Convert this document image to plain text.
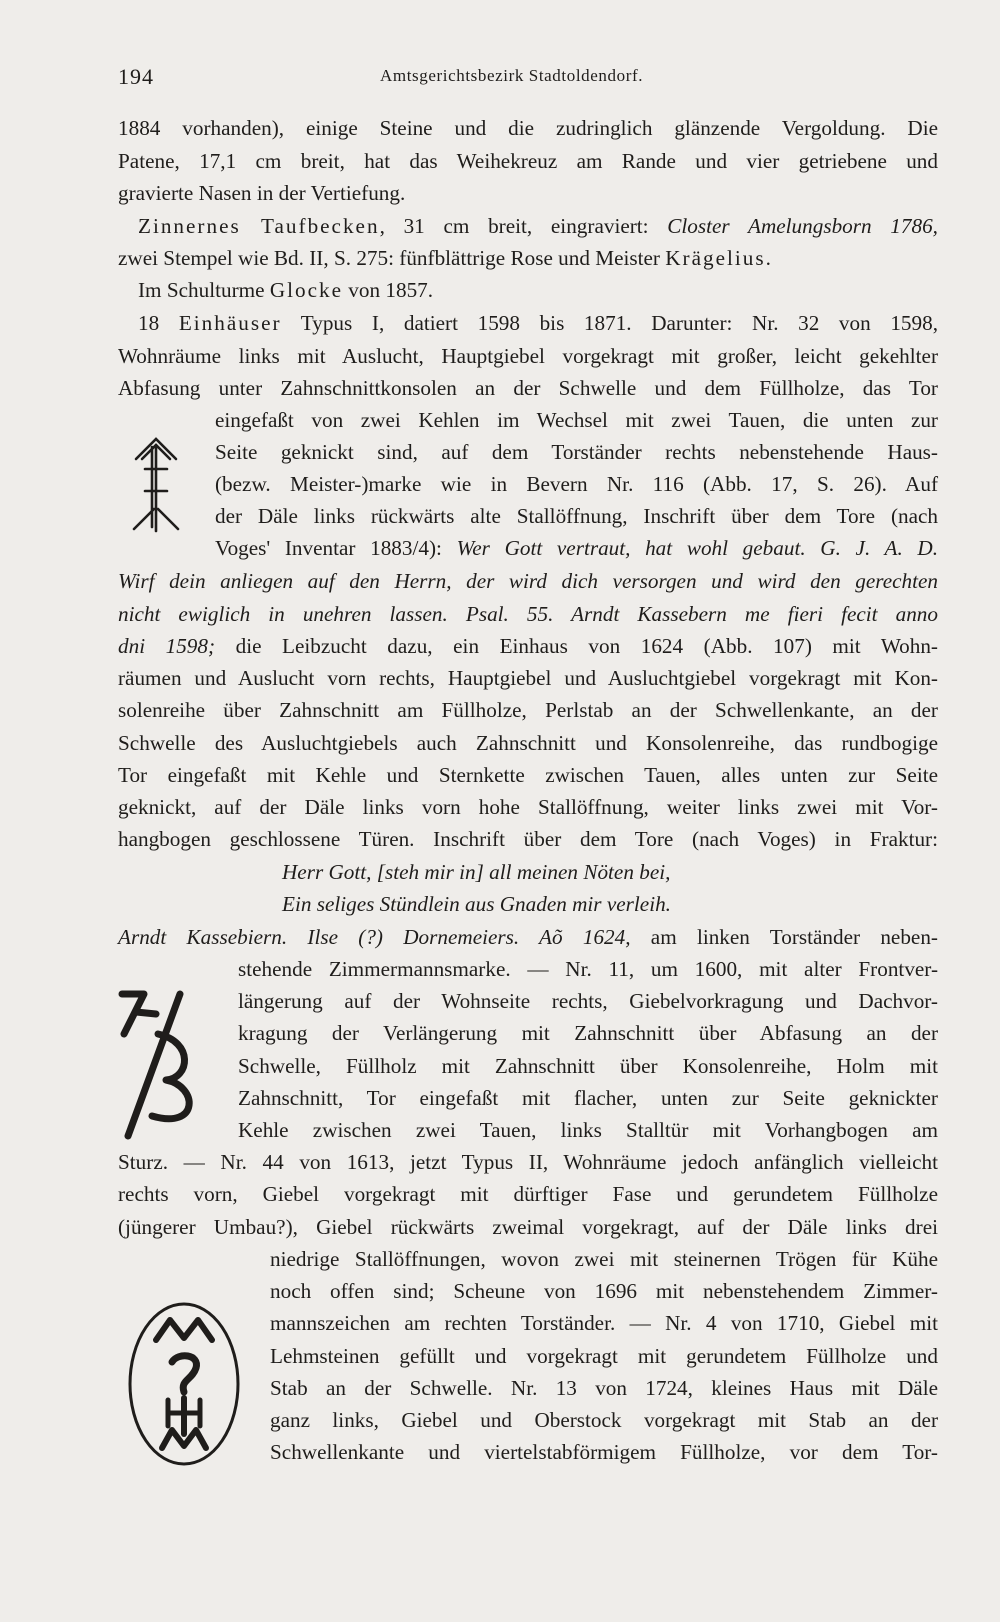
194	Amtsgerichtsbezirk Stadtoldendorf.
1884 vorhanden), einige Steine und die zudringlich glänzende Vergoldung. Die
Patene, 17,1 cm breit, hat das Weihekreuz am Rande und vier getriebene und
gravierte Nasen in der Vertiefung.
Zinnernes Taufbecken, 31 cm breit, eingraviert: Closter Amelungsborn 1786,
zwei Stempel wie Bd. II, S. 275: fünfblättrige Rose und Meister Krägelius.
Im Schulturme Glocke von 1857.
18 Einhäuser Typus I, datiert 1598 bis 1871. Darunter: Nr. 32 von 1598,
Wohnräume links mit Auslucht, Hauptgiebel vorgekragt mit großer, leicht gekehlter
Abfasung unter Zahnschnittkonsolen an der Schwelle und dem Füllholze, das Tor
eingefaßt von zwei Kehlen im Wechsel mit zwei Tauen, die unten zur
Seite geknickt sind, auf dem Torständer rechts nebenstehende Haus-
(bezw. Meister-)marke wie in Bevern Nr. 116 (Abb. 17, S. 26). Auf
der Däle links rückwärts alte Stallöffnung, Inschrift über dem Tore (nach
Voges' Inventar 1883/4): Wer Gott vertraut, hat wohl gebaut. G. J. A. D.
Wirf dein anliegen auf den Herrn, der wird dich versorgen und wird den gerechten
nicht ewiglich in unehren lassen. Psal. 55. Arndt Kassebern me fieri fecit anno
dni 1598; die Leibzucht dazu, ein Einhaus von 1624 (Abb. 107) mit Wohn-
räumen und Auslucht vorn rechts, Hauptgiebel und Ausluchtgiebel vorgekragt mit Kon-
solenreihe über Zahnschnitt am Füllholze, Perlstab an der Schwellenkante, an der
Schwelle des Ausluchtgiebels auch Zahnschnitt und Konsolenreihe, das rundbogige
Tor eingefaßt mit Kehle und Sternkette zwischen Tauen, alles unten zur Seite
geknickt, auf der Däle links vorn hohe Stallöffnung, weiter links zwei mit Vor-
hangbogen geschlossene Türen. Inschrift über dem Tore (nach Voges) in Fraktur:
Herr Gott, [steh mir in] all meinen Nöten bei,
Ein seliges Stündlein aus Gnaden mir verleih.
Arndt Kassebiern. Ilse (?) Dornemeiers. Aõ 1624, am linken Torständer neben-
stehende Zimmermannsmarke. — Nr. 11, um 1600, mit alter Frontver-
längerung auf der Wohnseite rechts, Giebelvorkragung und Dachvor-
kragung der Verlängerung mit Zahnschnitt über Abfasung an der
Schwelle, Füllholz mit Zahnschnitt über Konsolenreihe, Holm mit
Zahnschnitt, Tor eingefaßt mit flacher, unten zur Seite geknickter
Kehle zwischen zwei Tauen, links Stalltür mit Vorhangbogen am
Sturz. — Nr. 44 von 1613, jetzt Typus II, Wohnräume jedoch anfänglich vielleicht
rechts vorn, Giebel vorgekragt mit dürftiger Fase und gerundetem Füllholze
(jüngerer Umbau?), Giebel rückwärts zweimal vorgekragt, auf der Däle links drei
niedrige Stallöffnungen, wovon zwei mit steinernen Trögen für Kühe
noch offen sind; Scheune von 1696 mit nebenstehendem Zimmer-
mannszeichen am rechten Torständer. — Nr. 4 von 1710, Giebel mit
Lehmsteinen gefüllt und vorgekragt mit gerundetem Füllholze und
Stab an der Schwelle. Nr. 13 von 1724, kleines Haus mit Däle
ganz links, Giebel und Oberstock vorgekragt mit Stab an der
Schwellenkante und viertelstabförmigem Füllholze, vor dem Tor-
